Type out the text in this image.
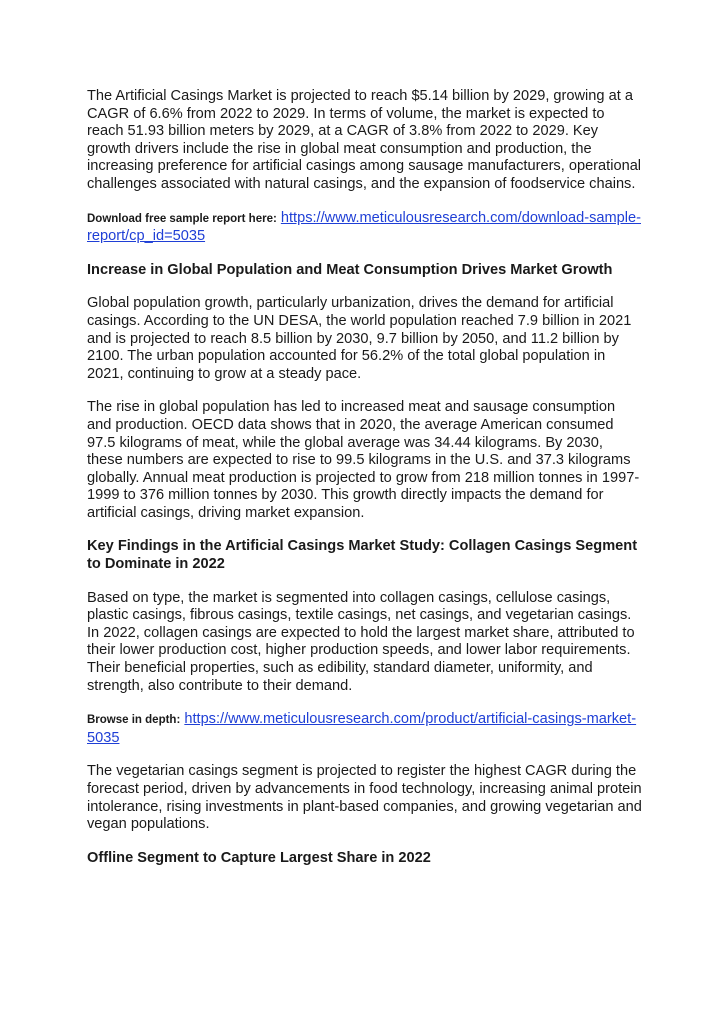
The Artificial Casings Market is projected to reach $5.14 billion by 2029, growing at a CAGR of 6.6% from 2022 to 2029. In terms of volume, the market is expected to reach 51.93 billion meters by 2029, at a CAGR of 3.8% from 2022 to 2029. Key growth drivers include the rise in global meat consumption and production, the increasing preference for artificial casings among sausage manufacturers, operational challenges associated with natural casings, and the expansion of foodservice chains.

Download free sample report here: https://www.meticulousresearch.com/download-sample-report/cp_id=5035

Increase in Global Population and Meat Consumption Drives Market Growth

Global population growth, particularly urbanization, drives the demand for artificial casings. According to the UN DESA, the world population reached 7.9 billion in 2021 and is projected to reach 8.5 billion by 2030, 9.7 billion by 2050, and 11.2 billion by 2100. The urban population accounted for 56.2% of the total global population in 2021, continuing to grow at a steady pace.

The rise in global population has led to increased meat and sausage consumption and production. OECD data shows that in 2020, the average American consumed 97.5 kilograms of meat, while the global average was 34.44 kilograms. By 2030, these numbers are expected to rise to 99.5 kilograms in the U.S. and 37.3 kilograms globally. Annual meat production is projected to grow from 218 million tonnes in 1997-1999 to 376 million tonnes by 2030. This growth directly impacts the demand for artificial casings, driving market expansion.

Key Findings in the Artificial Casings Market Study: Collagen Casings Segment to Dominate in 2022

Based on type, the market is segmented into collagen casings, cellulose casings, plastic casings, fibrous casings, textile casings, net casings, and vegetarian casings. In 2022, collagen casings are expected to hold the largest market share, attributed to their lower production cost, higher production speeds, and lower labor requirements. Their beneficial properties, such as edibility, standard diameter, uniformity, and strength, also contribute to their demand.

Browse in depth: https://www.meticulousresearch.com/product/artificial-casings-market-5035

The vegetarian casings segment is projected to register the highest CAGR during the forecast period, driven by advancements in food technology, increasing animal protein intolerance, rising investments in plant-based companies, and growing vegetarian and vegan populations.

Offline Segment to Capture Largest Share in 2022
